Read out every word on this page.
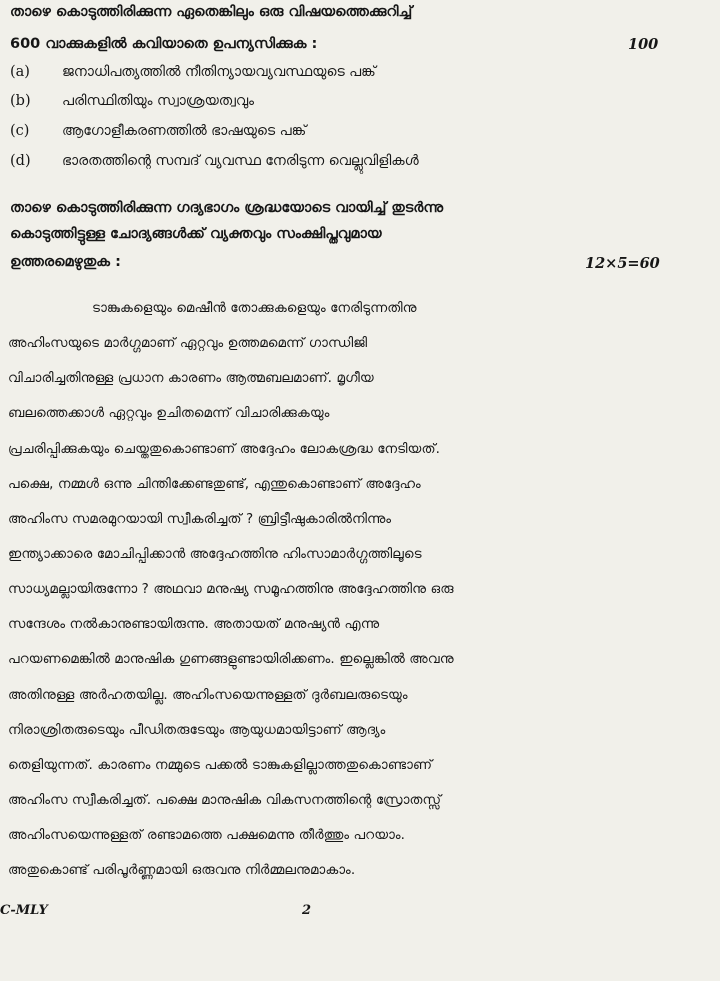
താഴെ കൊടുത്തിരിക്കുന്ന ഏതെങ്കിലും ഒരു വിഷയത്തെക്കുറിച്ച്
600 വാക്കുകളിൽ കവിയാതെ ഉപന്യസിക്കുക :	100
(a) ജനാധിപത്യത്തിൽ നീതിന്യായവ്യവസ്ഥയുടെ പങ്ക്
(b) പരിസ്ഥിതിയും സ്വാശ്രയത്വവും
(c) ആഗോളീകരണത്തിൽ ഭാഷയുടെ പങ്ക്
(d) ഭാരതത്തിന്റെ സമ്പദ് വ്യവസ്ഥ നേരിടുന്ന വെല്ലുവിളികൾ
താഴെ കൊടുത്തിരിക്കുന്ന ഗദ്യഭാഗം ശ്രദ്ധയോടെ വായിച്ച് തുടർന്നു
കൊടുത്തിട്ടുള്ള ചോദ്യങ്ങൾക്ക് വ്യക്തവും സംക്ഷിപ്തവുമായ
ഉത്തരമെഴുതുക :	12×5=60
ടാങ്കുകളെയും മെഷീൻ തോക്കുകളെയും നേരിടുന്നതിനു
അഹിംസയുടെ മാർഗ്ഗമാണ് ഏറ്റവും ഉത്തമമെന്ന് ഗാന്ധിജി
വിചാരിച്ചതിനുള്ള പ്രധാന കാരണം ആത്മബലമാണ്. മൃഗീയ
ബലത്തെക്കാൾ ഏറ്റവും ഉചിതമെന്ന് വിചാരിക്കുകയും
പ്രചരിപ്പിക്കുകയും ചെയ്തതുകൊണ്ടാണ് അദ്ദേഹം ലോകശ്രദ്ധ നേടിയത്.
പക്ഷെ, നമ്മൾ ഒന്നു ചിന്തിക്കേണ്ടതുണ്ട്, എന്തുകൊണ്ടാണ് അദ്ദേഹം
അഹിംസ സമരമുറയായി സ്വീകരിച്ചത് ? ബ്രിട്ടീഷുകാരിൽനിന്നും
ഇന്ത്യാക്കാരെ മോചിപ്പിക്കാൻ അദ്ദേഹത്തിനു ഹിംസാമാർഗ്ഗത്തിലൂടെ
സാധ്യമല്ലായിരുന്നോ ? അഥവാ മനുഷ്യ സമൂഹത്തിനു അദ്ദേഹത്തിനു ഒരു
സന്ദേശം നൽകാനുണ്ടായിരുന്നു. അതായത് മനുഷ്യൻ എന്നു
പറയണമെങ്കിൽ മാനുഷിക ഗുണങ്ങളുണ്ടായിരിക്കണം. ഇല്ലെങ്കിൽ അവനു
അതിനുള്ള അർഹതയില്ല. അഹിംസയെന്നുള്ളത് ദുർബലരുടെയും
നിരാശ്രിതരുടെയും പീഡിതരുടേയും ആയുധമായിട്ടാണ് ആദ്യം
തെളിയുന്നത്. കാരണം നമ്മുടെ പക്കൽ ടാങ്കുകളില്ലാത്തതുകൊണ്ടാണ്
അഹിംസ സ്വീകരിച്ചത്. പക്ഷെ മാനുഷിക വികസനത്തിന്റെ സ്രോതസ്സ്
അഹിംസയെന്നുള്ളത് രണ്ടാമത്തെ പക്ഷമെന്നു തീർത്തും പറയാം.
അതുകൊണ്ട് പരിപൂർണ്ണമായി ഒരുവനു നിർമ്മലനുമാകാം.
C-MLY	2
